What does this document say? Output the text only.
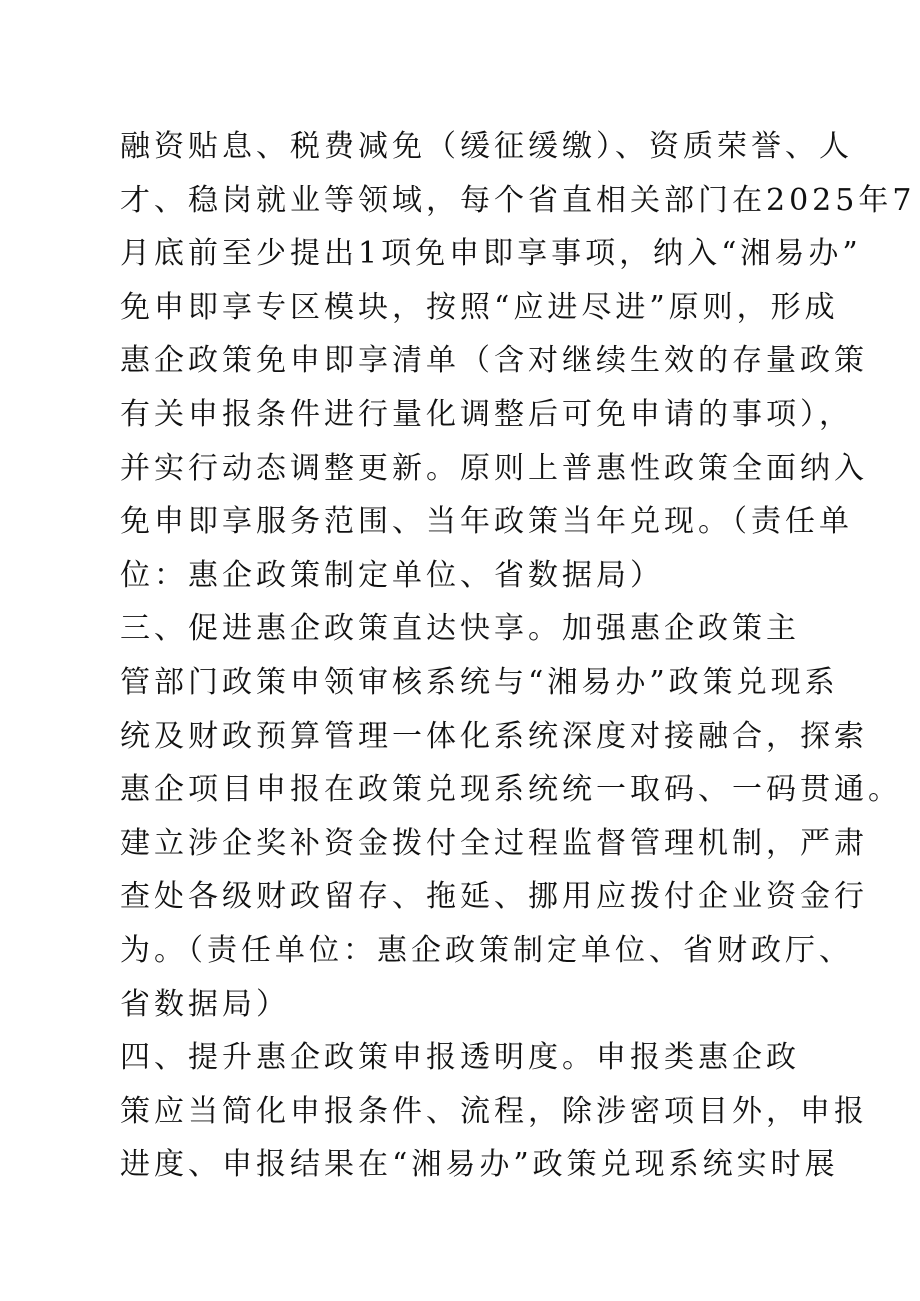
融资贴息、税费减免（缓征缓缴）、资质荣誉、人
才、稳岗就业等领域，每个省直相关部门在2025年7
月底前至少提出1项免申即享事项，纳入“湘易办”
免申即享专区模块，按照“应进尽进”原则，形成
惠企政策免申即享清单（含对继续生效的存量政策
有关申报条件进行量化调整后可免申请的事项），
并实行动态调整更新。原则上普惠性政策全面纳入
免申即享服务范围、当年政策当年兑现。（责任单
位：惠企政策制定单位、省数据局）
三、促进惠企政策直达快享。加强惠企政策主
管部门政策申领审核系统与“湘易办”政策兑现系
统及财政预算管理一体化系统深度对接融合，探索
惠企项目申报在政策兑现系统统一取码、一码贯通。
建立涉企奖补资金拨付全过程监督管理机制，严肃
查处各级财政留存、拖延、挪用应拨付企业资金行
为。（责任单位：惠企政策制定单位、省财政厅、
省数据局）
四、提升惠企政策申报透明度。申报类惠企政
策应当简化申报条件、流程，除涉密项目外，申报
进度、申报结果在“湘易办”政策兑现系统实时展
